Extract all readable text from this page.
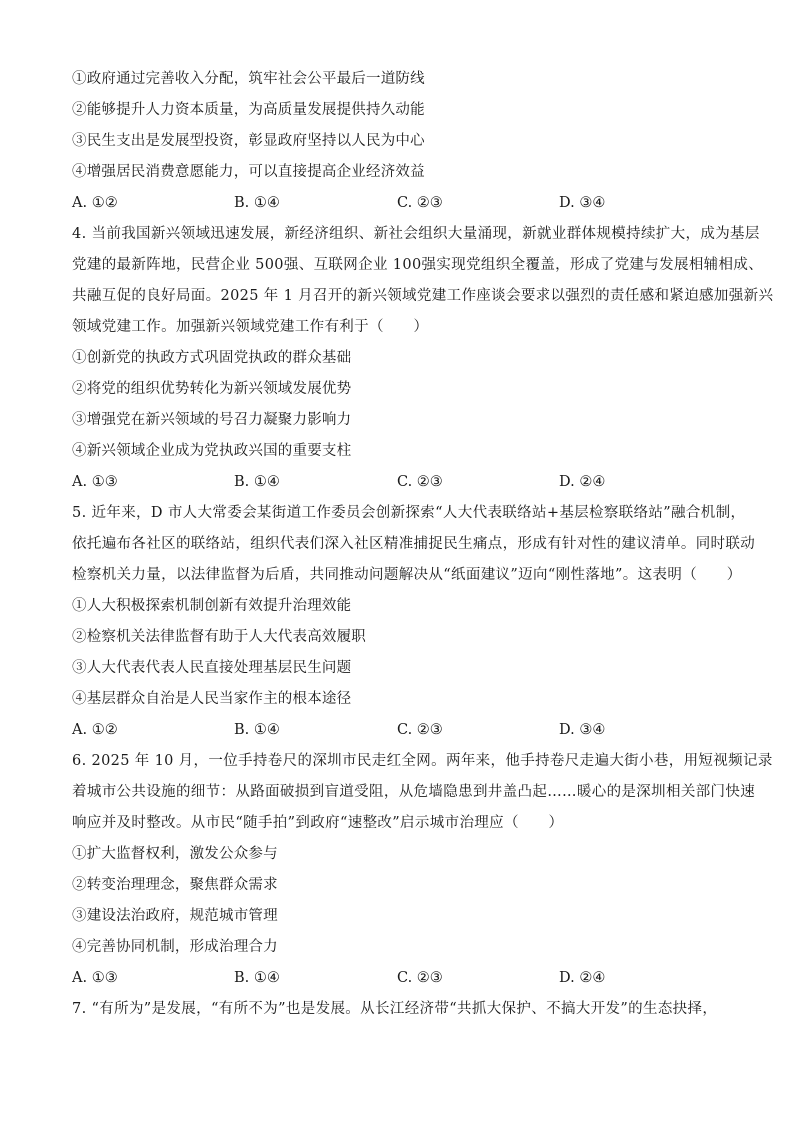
①政府通过完善收入分配，筑牢社会公平最后一道防线
②能够提升人力资本质量，为高质量发展提供持久动能
③民生支出是发展型投资，彰显政府坚持以人民为中心
④增强居民消费意愿能力，可以直接提高企业经济效益
A. ①②	B. ①④	C. ②③	D. ③④
4. 当前我国新兴领域迅速发展，新经济组织、新社会组织大量涌现，新就业群体规模持续扩大，成为基层
党建的最新阵地，民营企业 500强、互联网企业 100强实现党组织全覆盖，形成了党建与发展相辅相成、
共融互促的良好局面。2025 年 1 月召开的新兴领域党建工作座谈会要求以强烈的责任感和紧迫感加强新兴
领域党建工作。加强新兴领域党建工作有利于（　　）
①创新党的执政方式巩固党执政的群众基础
②将党的组织优势转化为新兴领域发展优势
③增强党在新兴领域的号召力凝聚力影响力
④新兴领域企业成为党执政兴国的重要支柱
A. ①③	B. ①④	C. ②③	D. ②④
5. 近年来，D 市人大常委会某街道工作委员会创新探索“人大代表联络站+基层检察联络站”融合机制，
依托遍布各社区的联络站，组织代表们深入社区精准捕捉民生痛点，形成有针对性的建议清单。同时联动
检察机关力量，以法律监督为后盾，共同推动问题解决从“纸面建议”迈向“刚性落地”。这表明（　　）
①人大积极探索机制创新有效提升治理效能
②检察机关法律监督有助于人大代表高效履职
③人大代表代表人民直接处理基层民生问题
④基层群众自治是人民当家作主的根本途径
A. ①②	B. ①④	C. ②③	D. ③④
6. 2025 年 10 月，一位手持卷尺的深圳市民走红全网。两年来，他手持卷尺走遍大街小巷，用短视频记录
着城市公共设施的细节：从路面破损到盲道受阻，从危墙隐患到井盖凸起……暖心的是深圳相关部门快速
响应并及时整改。从市民“随手拍”到政府“速整改”启示城市治理应（　　）
①扩大监督权利，激发公众参与
②转变治理理念，聚焦群众需求
③建设法治政府，规范城市管理
④完善协同机制，形成治理合力
A. ①③	B. ①④	C. ②③	D. ②④
7. “有所为”是发展，“有所不为”也是发展。从长江经济带“共抓大保护、不搞大开发”的生态抉择，
